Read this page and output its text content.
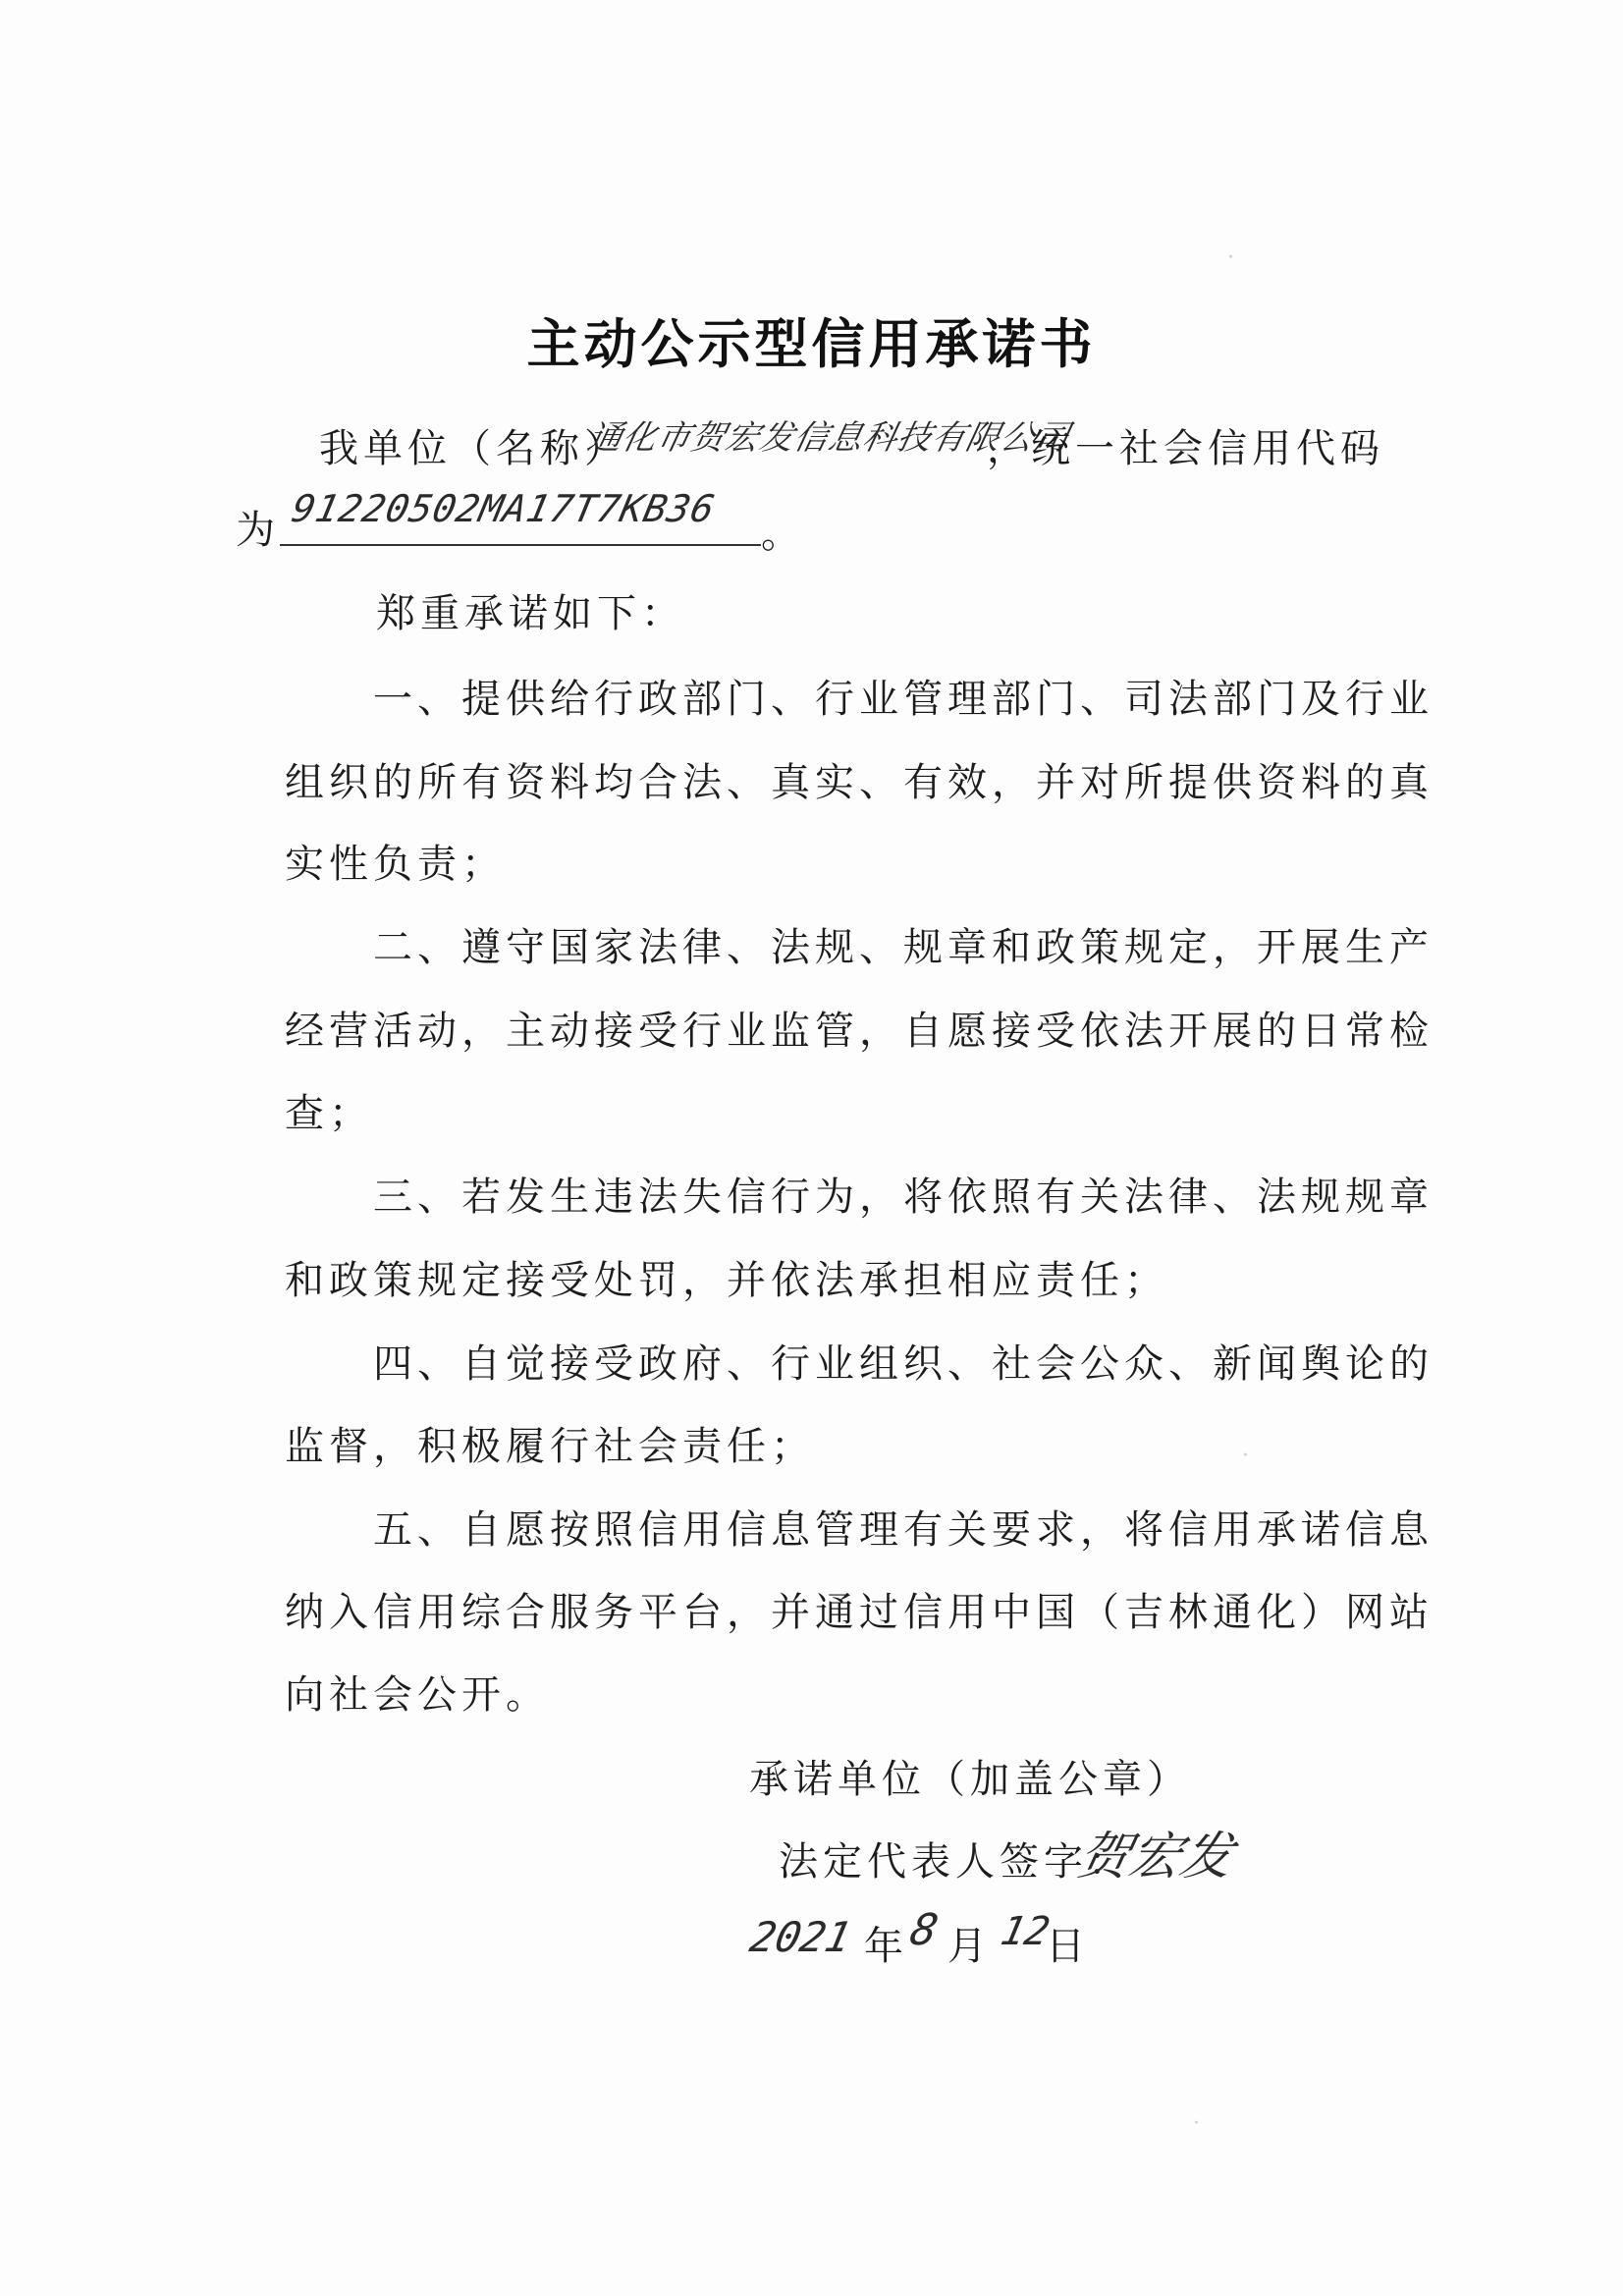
主动公示型信用承诺书
我单位（名称）
通化市贺宏发信息科技有限公司
，统一社会信用代码
为 91220502MA17T7KB36
。
郑重承诺如下：
一、提供给行政部门、行业管理部门、司法部门及行业
组织的所有资料均合法、真实、有效，并对所提供资料的真
实性负责；
二、遵守国家法律、法规、规章和政策规定，开展生产
经营活动，主动接受行业监管，自愿接受依法开展的日常检
查；
三、若发生违法失信行为，将依照有关法律、法规规章
和政策规定接受处罚，并依法承担相应责任；
四、自觉接受政府、行业组织、社会公众、新闻舆论的
监督，积极履行社会责任；
五、自愿按照信用信息管理有关要求，将信用承诺信息
纳入信用综合服务平台，并通过信用中国（吉林通化）网站
向社会公开。
承诺单位（加盖公章）
法定代表人签字：
贺宏发
2021 年
8 月 12
日
·
·
·
